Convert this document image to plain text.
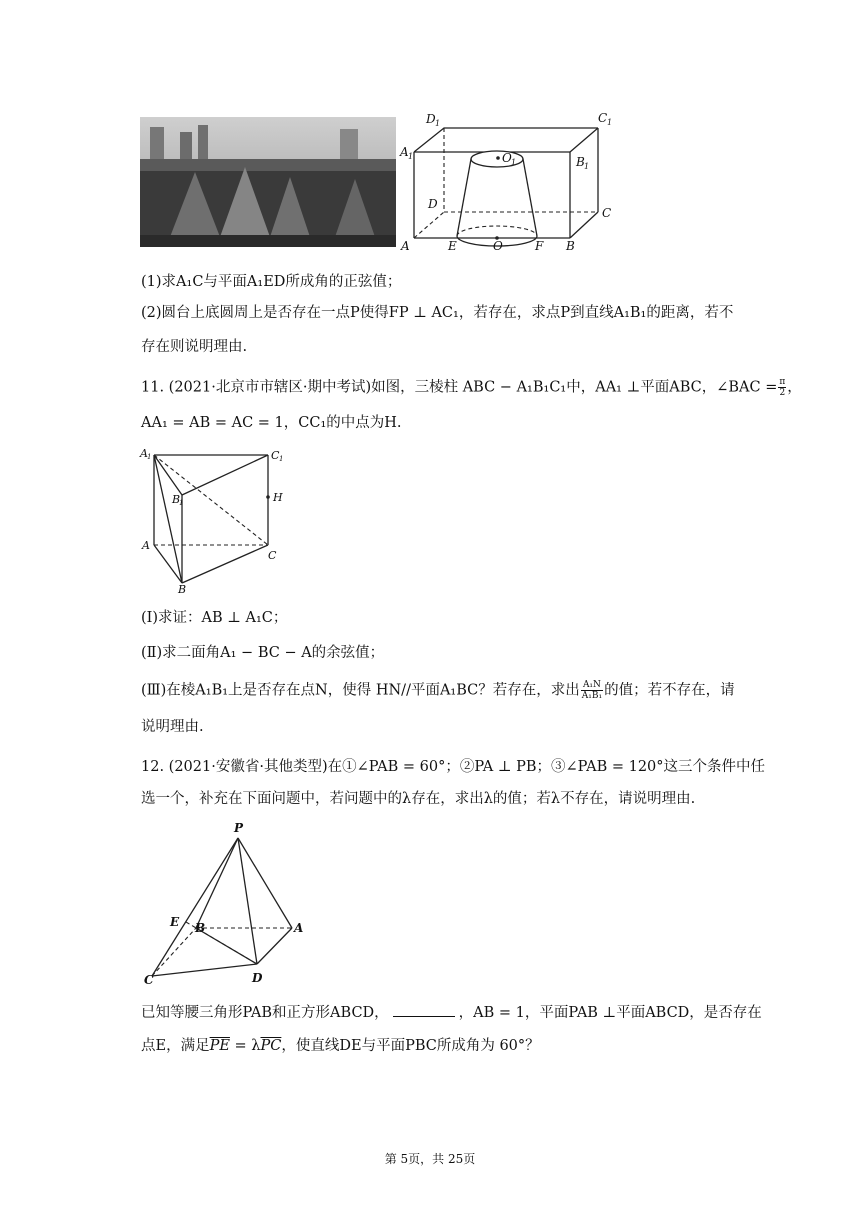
D 1	C 1
A 1	O 1	B 1
D
C
A	E	O	F B
(1)求A₁C与平面A₁ED所成角的正弦值；
(2)圆台上底圆周上是否存在一点P使得FP ⊥ AC₁，若存在，求点P到直线A₁B₁的距离，若不
存在则说明理由.
11. (2021·北京市市辖区·期中考试)如图，三棱柱 ABC − A₁B₁C₁中，AA₁ ⊥平面ABC，∠BAC = $\frac{\pi}{2}$ ，
AA₁ = AB = AC = 1，CC₁的中点为H.
A 1	C 1
B
1	H
A
C
B
(Ⅰ)求证：AB ⊥ A₁C；
(Ⅱ)求二面角A₁ − BC − A的余弦值；
(Ⅲ)在棱A₁B₁上是否存在点N，使得 HN//平面A₁BC？若存在，求出 $\frac{\text{A₁N}}{\text{A₁B₁}}$ 的值；若不存在，请
说明理由.
12. (2021·安徽省·其他类型)在①∠PAB = 60°；②PA ⊥ PB；③∠PAB = 120°这三个条件中任
选一个，补充在下面问题中，若问题中的λ存在，求出λ的值；若λ不存在，请说明理由.
P
E B	A
C	D
已知等腰三角形PAB和正方形ABCD，	，AB = 1，平面PAB ⊥平面ABCD，是否存在
点E，满足$\overline{PE} = \lambda\overline{PC}$，使直线DE与平面PBC所成角为 60°？
第 5页，共 25页
